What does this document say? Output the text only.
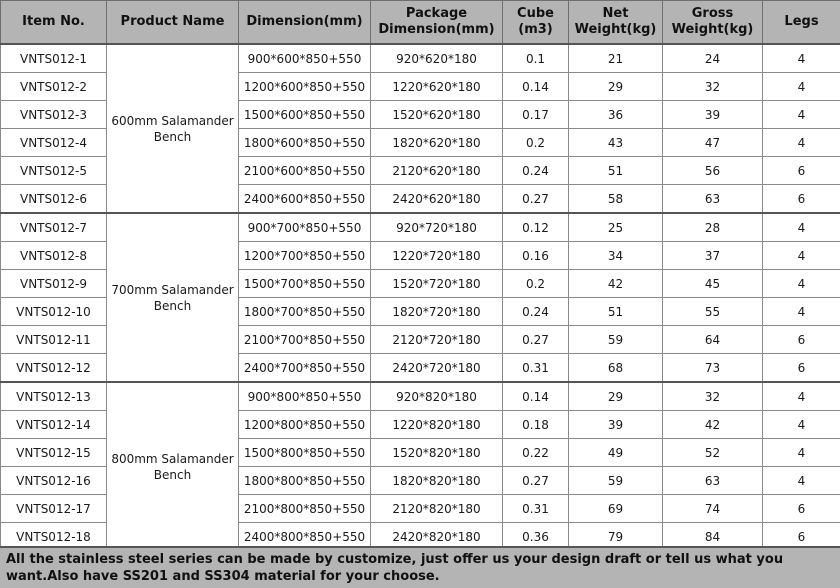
Item No.	Product Name	Dimension(mm)	Package Dimension(mm)	Cube (m3)	Net Weight(kg)	Gross Weight(kg)	Legs
VNTS012-1	600mm Salamander Bench	900*600*850+550	920*620*180	0.1	21	24	4
VNTS012-2		1200*600*850+550	1220*620*180	0.14	29	32	4
VNTS012-3		1500*600*850+550	1520*620*180	0.17	36	39	4
VNTS012-4		1800*600*850+550	1820*620*180	0.2	43	47	4
VNTS012-5		2100*600*850+550	2120*620*180	0.24	51	56	6
VNTS012-6		2400*600*850+550	2420*620*180	0.27	58	63	6
VNTS012-7	700mm Salamander Bench	900*700*850+550	920*720*180	0.12	25	28	4
VNTS012-8		1200*700*850+550	1220*720*180	0.16	34	37	4
VNTS012-9		1500*700*850+550	1520*720*180	0.2	42	45	4
VNTS012-10		1800*700*850+550	1820*720*180	0.24	51	55	4
VNTS012-11		2100*700*850+550	2120*720*180	0.27	59	64	6
VNTS012-12		2400*700*850+550	2420*720*180	0.31	68	73	6
VNTS012-13	800mm Salamander Bench	900*800*850+550	920*820*180	0.14	29	32	4
VNTS012-14		1200*800*850+550	1220*820*180	0.18	39	42	4
VNTS012-15		1500*800*850+550	1520*820*180	0.22	49	52	4
VNTS012-16		1800*800*850+550	1820*820*180	0.27	59	63	4
VNTS012-17		2100*800*850+550	2120*820*180	0.31	69	74	6
VNTS012-18		2400*800*850+550	2420*820*180	0.36	79	84	6
All the stainless steel series can be made by customize, just offer us your design draft or tell us what you want.Also have SS201 and SS304 material for your choose.
